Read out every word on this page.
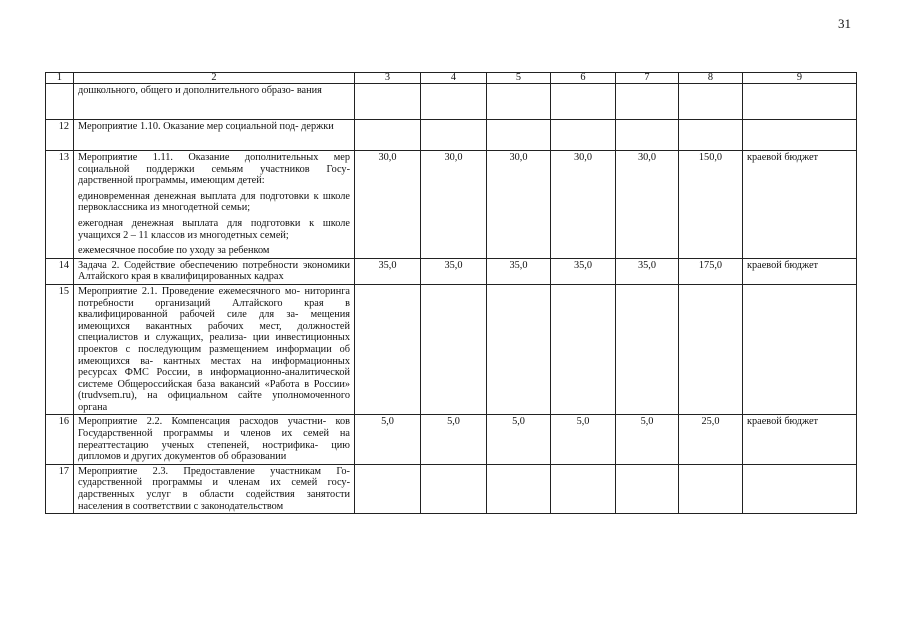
31
1	2	3	4	5	6	7	8	9

	дошкольного, общего и дополнительного образо- вания							

12	Мероприятие 1.10. Оказание мер социальной под- держки							

13	Мероприятие 1.11. Оказание дополнительных мер социальной поддержки семьям участников Госу- дарственной программы, имеющим детей:
единовременная денежная выплата для подготовки к школе первоклассника из многодетной семьи;
ежегодная денежная выплата для подготовки к школе учащихся 2 – 11 классов из многодетных семей;
ежемесячное пособие по уходу за ребенком	30,0	30,0	30,0	30,0	30,0	150,0	краевой бюджет
14	Задача 2. Содействие обеспечению потребности экономики Алтайского края в квалифицированных кадрах	35,0	35,0	35,0	35,0	35,0	175,0	краевой бюджет
15	Мероприятие 2.1. Проведение ежемесячного мо- ниторинга потребности организаций Алтайского края в квалифицированной рабочей силе для за- мещения имеющихся вакантных рабочих мест, должностей специалистов и служащих, реализа- ции инвестиционных проектов с последующим размещением информации об имеющихся ва- кантных местах на информационных ресурсах ФМС России, в информационно-аналитической системе Общероссийская база вакансий «Работа в России» (trudvsem.ru), на официальном сайте уполномоченного органа							

16	Мероприятие 2.2. Компенсация расходов участни- ков Государственной программы и членов их семей на переаттестацию ученых степеней, нострифика- цию дипломов и других документов об образовании	5,0	5,0	5,0	5,0	5,0	25,0	краевой бюджет
17	Мероприятие 2.3. Предоставление участникам Го- сударственной программы и членам их семей госу- дарственных услуг в области содействия занятости населения в соответствии с законодательством							
